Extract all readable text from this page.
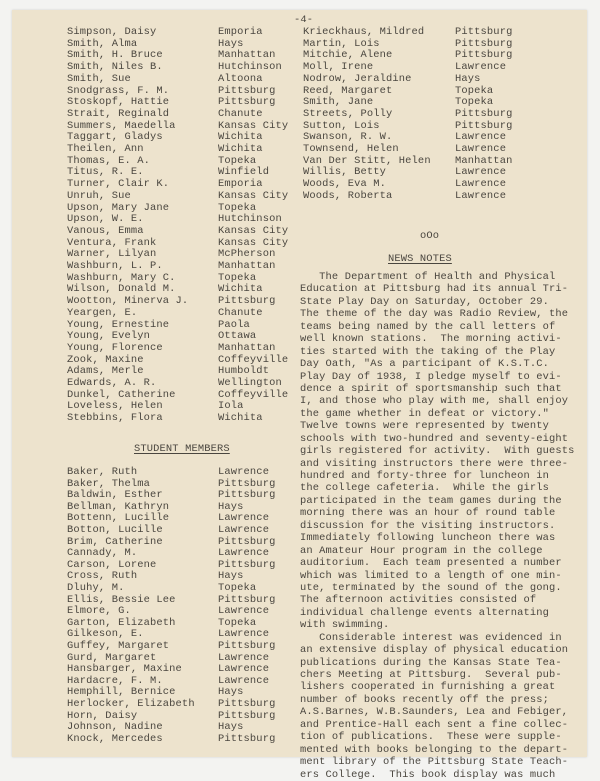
-4-
Simpson, Daisy	Emporia
Smith, Alma	Hays
Smith, H. Bruce	Manhattan
Smith, Niles B.	Hutchinson
Smith, Sue	Altoona
Snodgrass, F. M.	Pittsburg
Stoskopf, Hattie	Pittsburg
Strait, Reginald	Chanute
Summers, Maedella	Kansas City
Taggart, Gladys	Wichita
Theilen, Ann	Wichita
Thomas, E. A.	Topeka
Titus, R. E.	Winfield
Turner, Clair K.	Emporia
Unruh, Sue	Kansas City
Upson, Mary Jane	Topeka
Upson, W. E.	Hutchinson
Vanous, Emma	Kansas City
Ventura, Frank	Kansas City
Warner, Lilyan	McPherson
Washburn, L. P.	Manhattan
Washburn, Mary C.	Topeka
Wilson, Donald M.	Wichita
Wootton, Minerva J.	Pittsburg
Yeargen, E.	Chanute
Young, Ernestine	Paola
Young, Evelyn	Ottawa
Young, Florence	Manhattan
Zook, Maxine	Coffeyville
Adams, Merle	Humboldt
Edwards, A. R.	Wellington
Dunkel, Catherine	Coffeyville
Loveless, Helen	Iola
Stebbins, Flora	Wichita
STUDENT MEMBERS
Baker, Ruth	Lawrence
Baker, Thelma	Pittsburg
Baldwin, Esther	Pittsburg
Bellman, Kathryn	Hays
Bottenn, Lucille	Lawrence
Botton, Lucille	Lawrence
Brim, Catherine	Pittsburg
Cannady, M.	Lawrence
Carson, Lorene	Pittsburg
Cross, Ruth	Hays
Dluhy, M.	Topeka
Ellis, Bessie Lee	Pittsburg
Elmore, G.	Lawrence
Garton, Elizabeth	Topeka
Gilkeson, E.	Lawrence
Guffey, Margaret	Pittsburg
Gurd, Margaret	Lawrence
Hansbarger, Maxine	Lawrence
Hardacre, F. M.	Lawrence
Hemphill, Bernice	Hays
Herlocker, Elizabeth Pittsburg
Horn, Daisy	Pittsburg
Johnson, Nadine	Hays
Knock, Mercedes	Pittsburg
Krieckhaus, Mildred	Pittsburg
Martin, Lois	Pittsburg
Mitchie, Alene	Pittsburg
Moll, Irene	Lawrence
Nodrow, Jeraldine	Hays
Reed, Margaret	Topeka
Smith, Jane	Topeka
Streets, Polly	Pittsburg
Sutton, Lois	Pittsburg
Swanson, R. W.	Lawrence
Townsend, Helen	Lawrence
Van Der Stitt, Helen Manhattan
Willis, Betty	Lawrence
Woods, Eva M.	Lawrence
Woods, Roberta	Lawrence
oOo
NEWS NOTES
The Department of Health and Physical
Education at Pittsburg had its annual Tri-
State Play Day on Saturday, October 29.
The theme of the day was Radio Review, the
teams being named by the call letters of
well known stations.  The morning activi-
ties started with the taking of the Play
Day Oath, "As a participant of K.S.T.C.
Play Day of 1938, I pledge myself to evi-
dence a spirit of sportsmanship such that
I, and those who play with me, shall enjoy
the game whether in defeat or victory."
Twelve towns were represented by twenty
schools with two-hundred and seventy-eight
girls registered for activity.  With guests
and visiting instructors there were three-
hundred and forty-three for luncheon in
the college cafeteria.  While the girls
participated in the team games during the
morning there was an hour of round table
discussion for the visiting instructors.
Immediately following luncheon there was
an Amateur Hour program in the college
auditorium.  Each team presented a number
which was limited to a length of one min-
ute, terminated by the sound of the gong.
The afternoon activities consisted of
individual challenge events alternating
with swimming.
Considerable interest was evidenced in
an extensive display of physical education
publications during the Kansas State Tea-
chers Meeting at Pittsburg.  Several pub-
lishers cooperated in furnishing a great
number of books recently off the press;
A.S.Barnes, W.B.Saunders, Lea and Febiger,
and Prentice-Hall each sent a fine collec-
tion of publications.  These were supple-
mented with books belonging to the depart-
ment library of the Pittsburg State Teach-
ers College.  This book display was much
